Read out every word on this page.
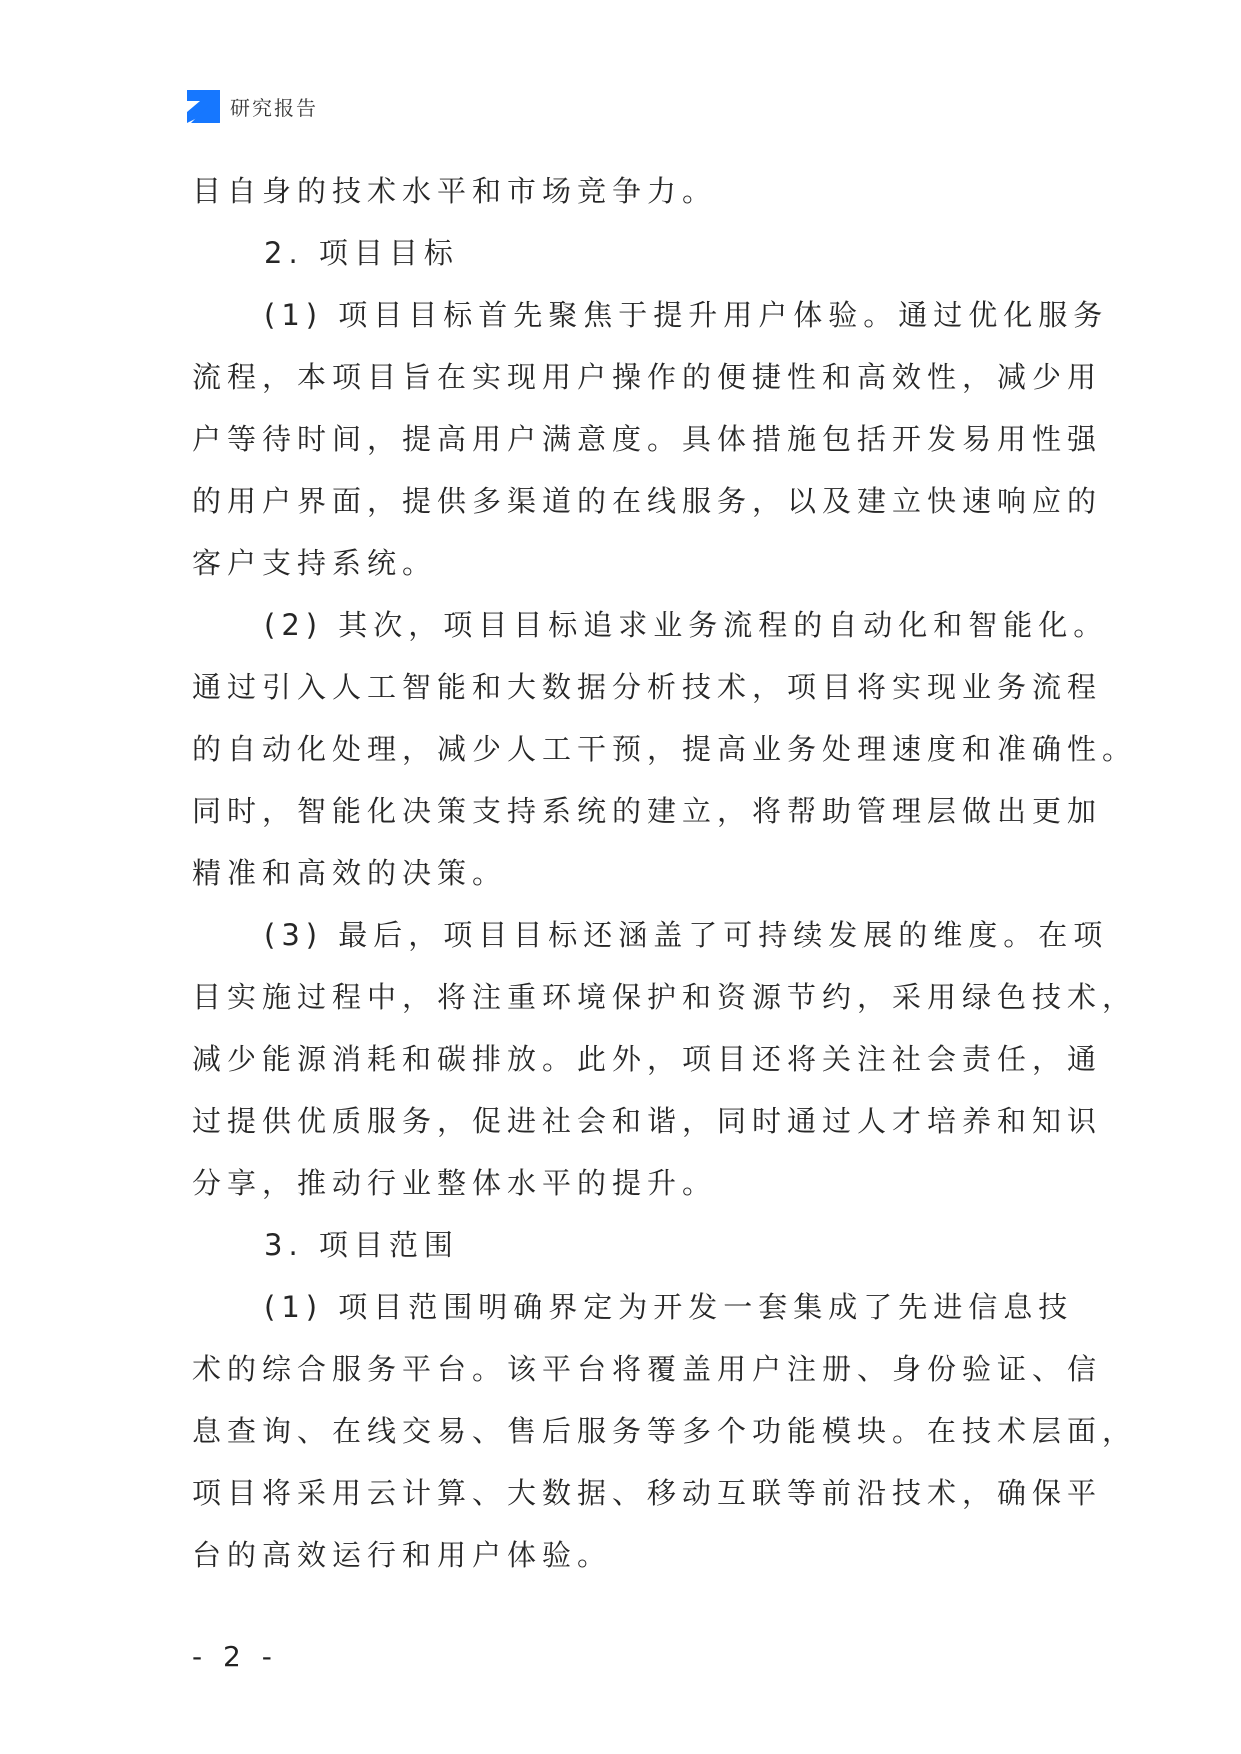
研究报告
目自身的技术水平和市场竞争力。
2. 项目目标
(1) 项目目标首先聚焦于提升用户体验。通过优化服务
流程，本项目旨在实现用户操作的便捷性和高效性，减少用
户等待时间，提高用户满意度。具体措施包括开发易用性强
的用户界面，提供多渠道的在线服务，以及建立快速响应的
客户支持系统。
(2) 其次，项目目标追求业务流程的自动化和智能化。
通过引入人工智能和大数据分析技术，项目将实现业务流程
的自动化处理，减少人工干预，提高业务处理速度和准确性。
同时，智能化决策支持系统的建立，将帮助管理层做出更加
精准和高效的决策。
(3) 最后，项目目标还涵盖了可持续发展的维度。在项
目实施过程中，将注重环境保护和资源节约，采用绿色技术，
减少能源消耗和碳排放。此外，项目还将关注社会责任，通
过提供优质服务，促进社会和谐，同时通过人才培养和知识
分享，推动行业整体水平的提升。
3. 项目范围
(1) 项目范围明确界定为开发一套集成了先进信息技
术的综合服务平台。该平台将覆盖用户注册、身份验证、信
息查询、在线交易、售后服务等多个功能模块。在技术层面，
项目将采用云计算、大数据、移动互联等前沿技术，确保平
台的高效运行和用户体验。
- 2 -
